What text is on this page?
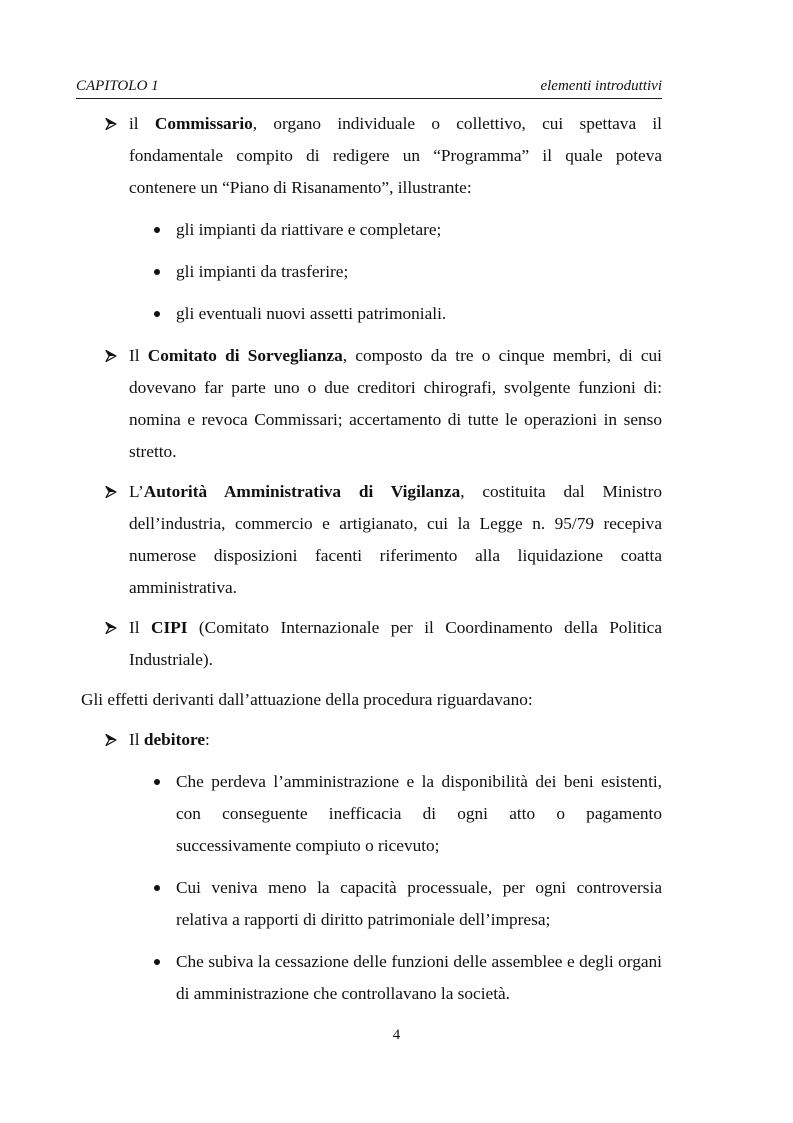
CAPITOLO 1	elementi introduttivi

il Commissario, organo individuale o collettivo, cui spettava il fondamentale compito di redigere un “Programma” il quale poteva contenere un “Piano di Risanamento”, illustrante:

gli impianti da riattivare e completare;

gli impianti da trasferire;

gli eventuali nuovi assetti patrimoniali.

Il Comitato di Sorveglianza, composto da tre o cinque membri, di cui dovevano far parte uno o due creditori chirografi, svolgente funzioni di: nomina e revoca Commissari; accertamento di tutte le operazioni in senso stretto.

L’Autorità Amministrativa di Vigilanza, costituita dal Ministro dell’industria, commercio e artigianato, cui la Legge n. 95/79 recepiva numerose disposizioni facenti riferimento alla liquidazione coatta amministrativa.

Il CIPI (Comitato Internazionale per il Coordinamento della Politica Industriale).

Gli effetti derivanti dall’attuazione della procedura riguardavano:

Il debitore:

Che perdeva l’amministrazione e la disponibilità dei beni esistenti, con conseguente inefficacia di ogni atto o pagamento successivamente compiuto o ricevuto;

Cui veniva meno la capacità processuale, per ogni controversia relativa a rapporti di diritto patrimoniale dell’impresa;

Che subiva la cessazione delle funzioni delle assemblee e degli organi di amministrazione che controllavano la società.

4
